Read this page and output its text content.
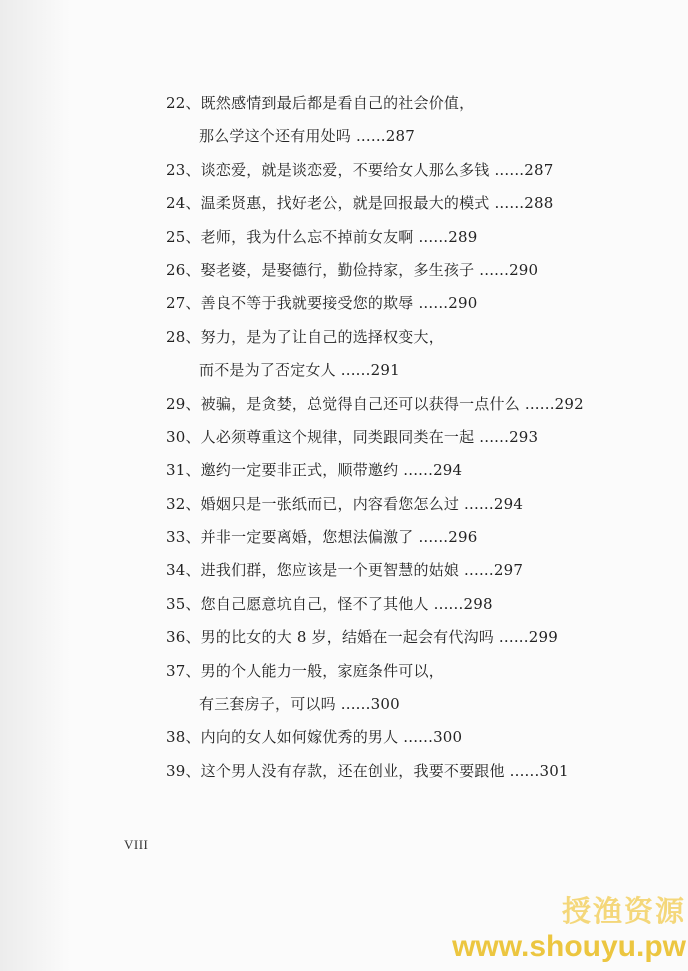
22、既然感情到最后都是看自己的社会价值，
那么学这个还有用处吗 ......287
23、谈恋爱，就是谈恋爱，不要给女人那么多钱 ......287
24、温柔贤惠，找好老公，就是回报最大的模式 ......288
25、老师，我为什么忘不掉前女友啊 ......289
26、娶老婆，是娶德行，勤俭持家，多生孩子 ......290
27、善良不等于我就要接受您的欺辱 ......290
28、努力，是为了让自己的选择权变大，
而不是为了否定女人 ......291
29、被骗，是贪婪，总觉得自己还可以获得一点什么 ......292
30、人必须尊重这个规律，同类跟同类在一起 ......293
31、邀约一定要非正式，顺带邀约 ......294
32、婚姻只是一张纸而已，内容看您怎么过 ......294
33、并非一定要离婚，您想法偏激了 ......296
34、进我们群，您应该是一个更智慧的姑娘 ......297
35、您自己愿意坑自己，怪不了其他人 ......298
36、男的比女的大 8 岁，结婚在一起会有代沟吗 ......299
37、男的个人能力一般，家庭条件可以，
有三套房子，可以吗 ......300
38、内向的女人如何嫁优秀的男人 ......300
39、这个男人没有存款，还在创业，我要不要跟他 ......301
VIII
授渔资源
www.shouyu.pw
